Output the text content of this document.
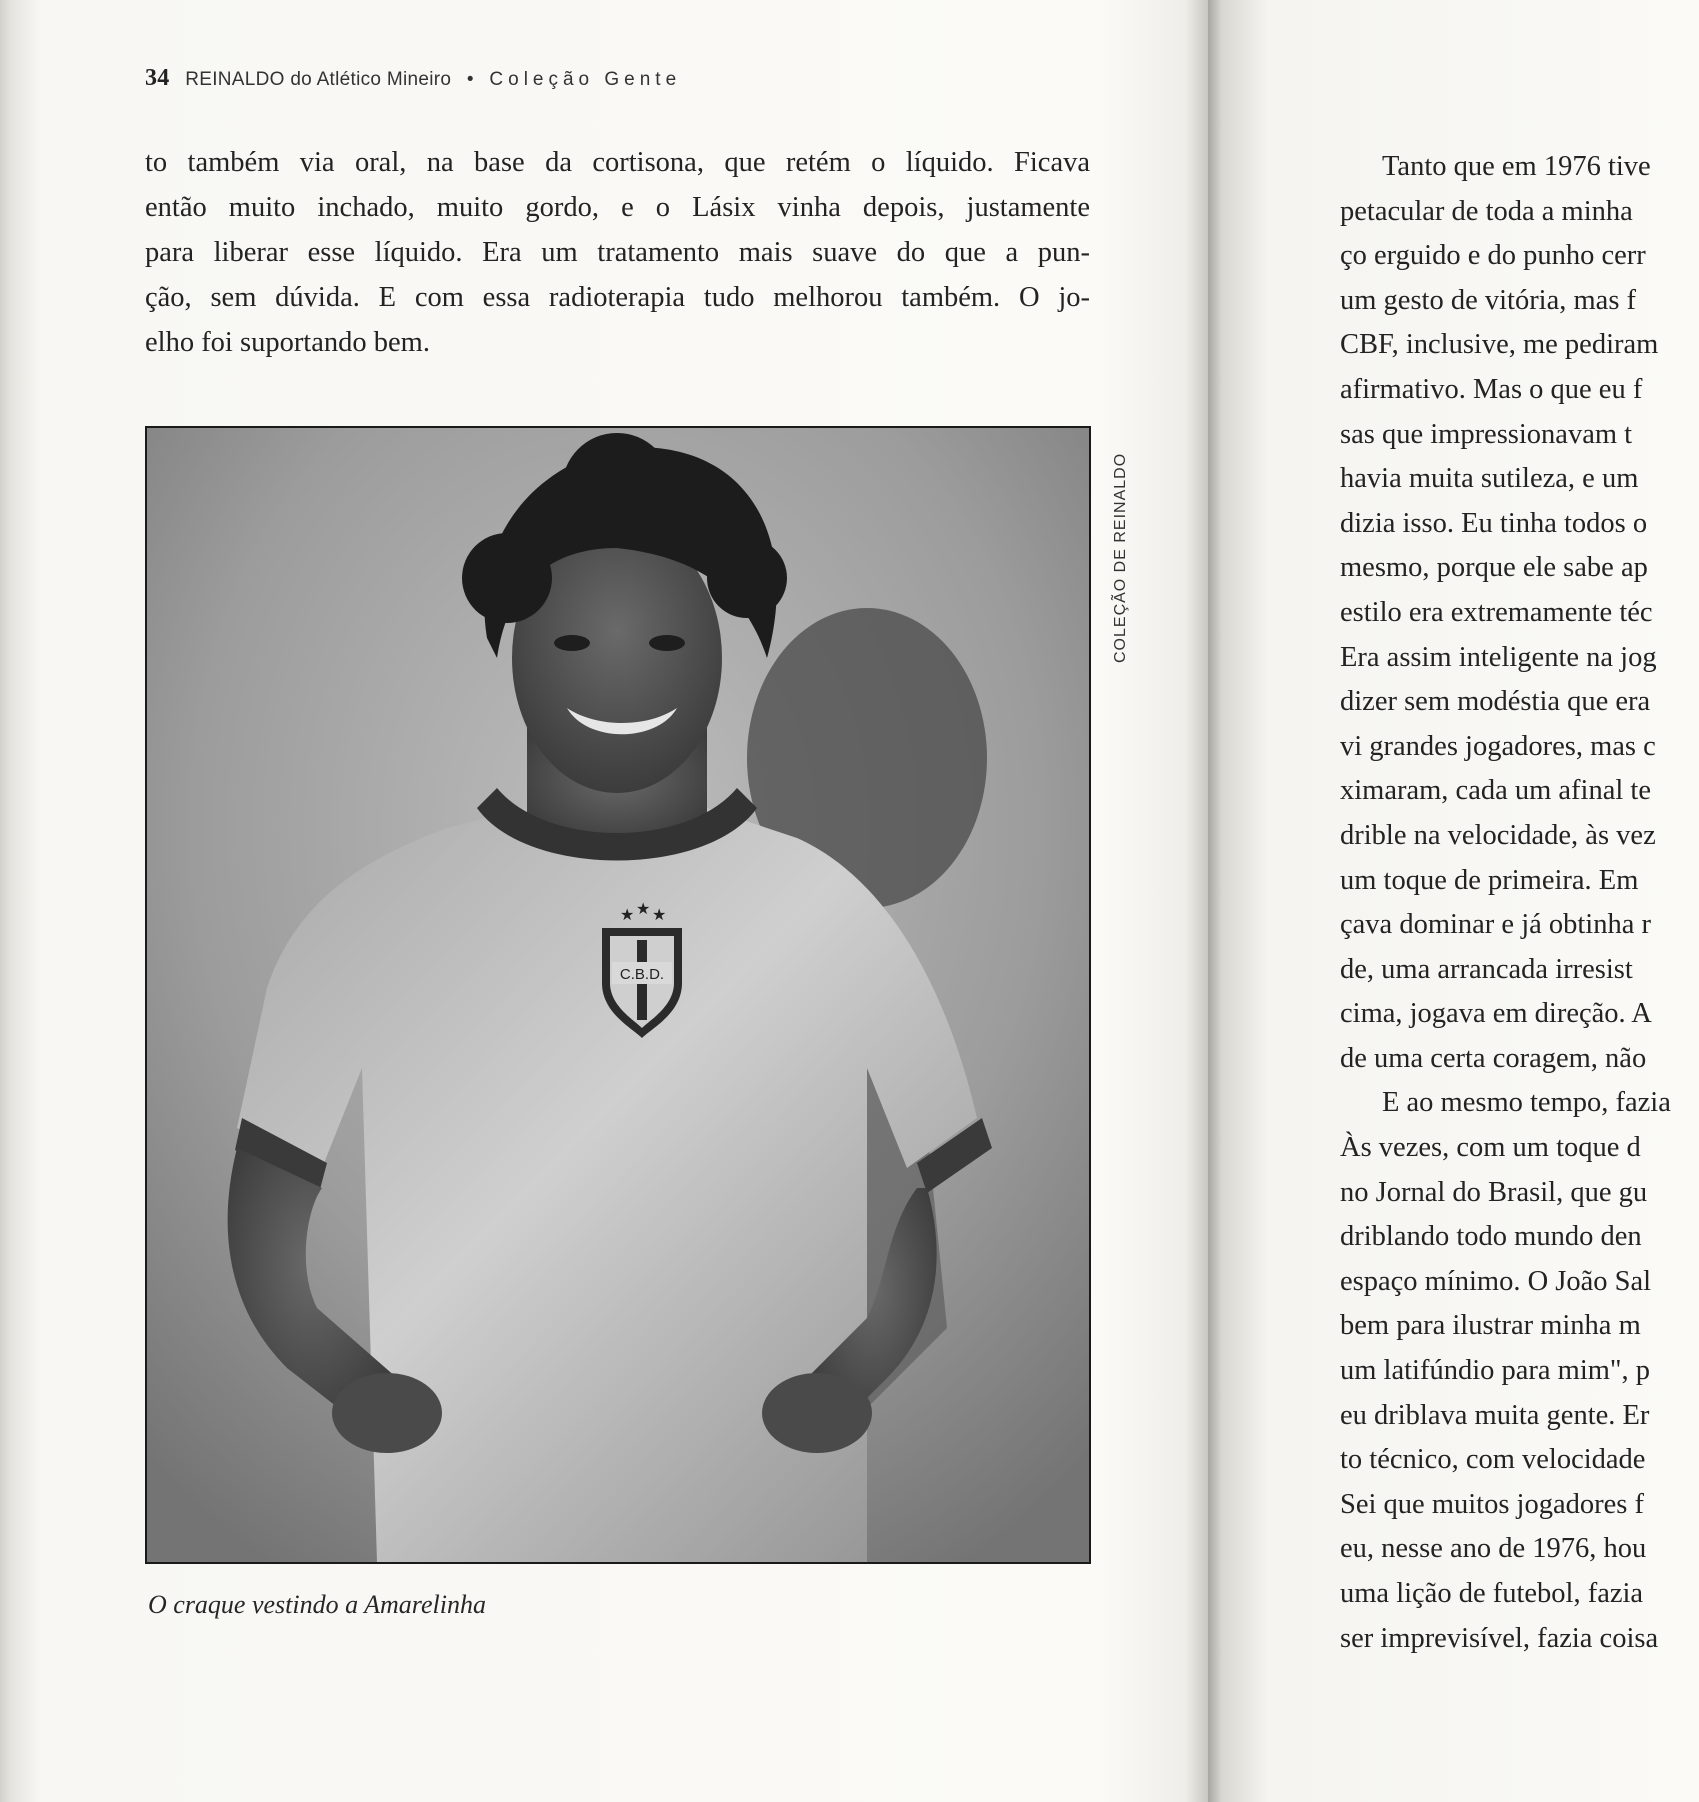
34 REINALDO do Atlético Mineiro • Coleção Gente
to também via oral, na base da cortisona, que retém o líquido. Ficava
então muito inchado, muito gordo, e o Lásix vinha depois, justamente
para liberar esse líquido. Era um tratamento mais suave do que a pun-
ção, sem dúvida. E com essa radioterapia tudo melhorou também. O jo-
elho foi suportando bem.
C.B.D.
★ ★ ★
COLEÇÃO DE REINALDO
O craque vestindo a Amarelinha
Tanto que em 1976 tive
petacular de toda a minha
ço erguido e do punho cerr
um gesto de vitória, mas f
CBF, inclusive, me pediram
afirmativo. Mas o que eu f
sas que impressionavam t
havia muita sutileza, e um
dizia isso. Eu tinha todos o
mesmo, porque ele sabe ap
estilo era extremamente téc
Era assim inteligente na jog
dizer sem modéstia que era
vi grandes jogadores, mas c
ximaram, cada um afinal te
drible na velocidade, às vez
um toque de primeira. Em
çava dominar e já obtinha r
de, uma arrancada irresist
cima, jogava em direção. A
de uma certa coragem, não
E ao mesmo tempo, fazia
Às vezes, com um toque d
no Jornal do Brasil, que gu
driblando todo mundo den
espaço mínimo. O João Sal
bem para ilustrar minha m
um latifúndio para mim", p
eu driblava muita gente. Er
to técnico, com velocidade
Sei que muitos jogadores f
eu, nesse ano de 1976, hou
uma lição de futebol, fazia
ser imprevisível, fazia coisa
